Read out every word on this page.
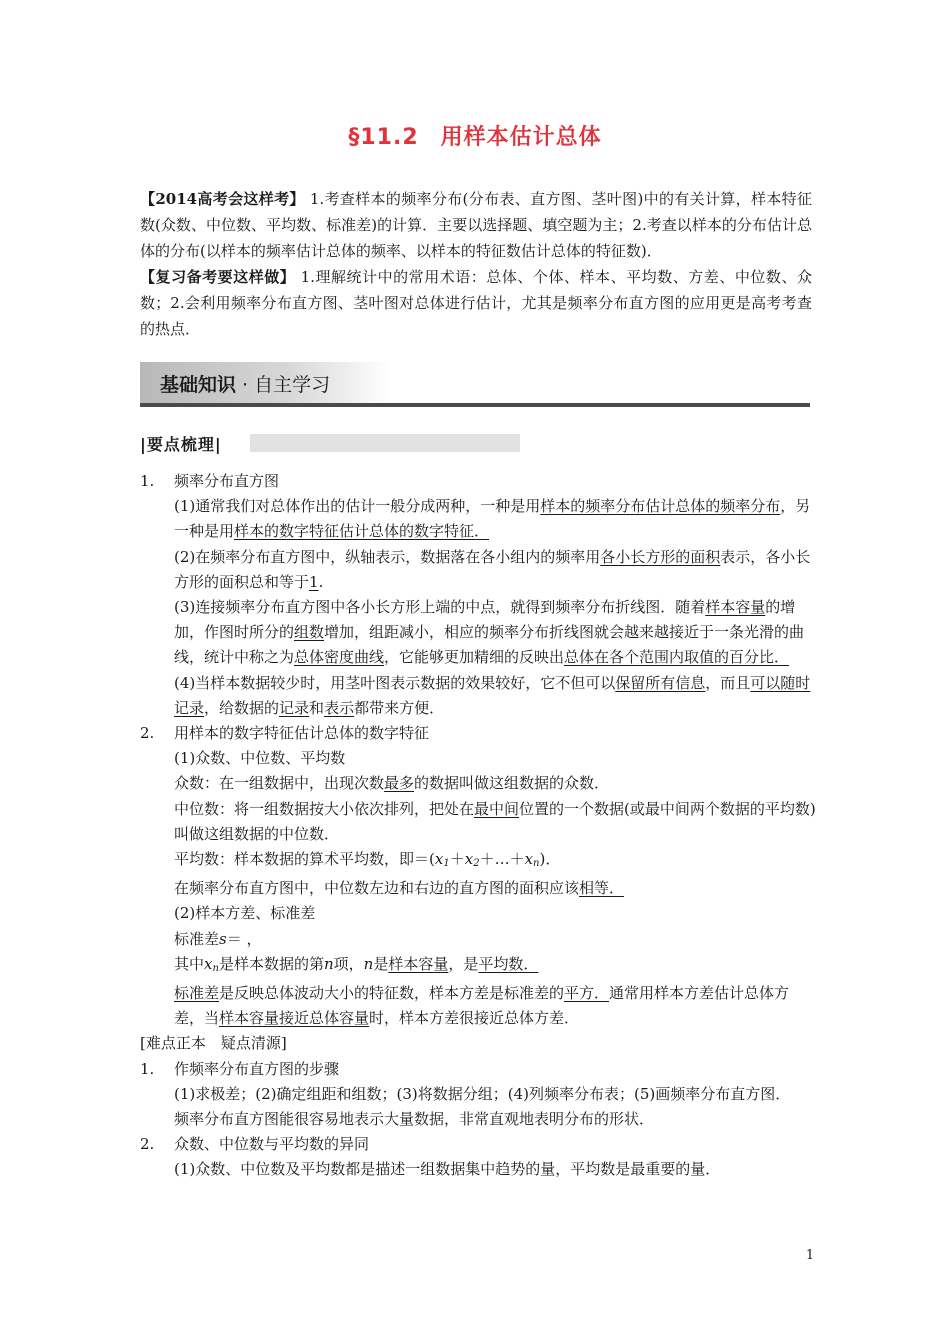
§11.2 用样本估计总体

【2014高考会这样考】 1.考查样本的频率分布(分布表、直方图、茎叶图)中的有关计算，样本特征数(众数、中位数、平均数、标准差)的计算．主要以选择题、填空题为主；2.考查以样本的分布估计总体的分布(以样本的频率估计总体的频率、以样本的特征数估计总体的特征数)．

【复习备考要这样做】 1.理解统计中的常用术语：总体、个体、样本、平均数、方差、中位数、众数；2.会利用频率分布直方图、茎叶图对总体进行估计，尤其是频率分布直方图的应用更是高考考查的热点．

基础知识 · 自主学习
|要点梳理|

1. 频率分布直方图

(1)通常我们对总体作出的估计一般分成两种，一种是用样本的频率分布估计总体的频率分布，另一种是用样本的数字特征估计总体的数字特征．

(2)在频率分布直方图中，纵轴表示，数据落在各小组内的频率用各小长方形的面积表示，各小长方形的面积总和等于1.

(3)连接频率分布直方图中各小长方形上端的中点，就得到频率分布折线图．随着样本容量的增加，作图时所分的组数增加，组距减小，相应的频率分布折线图就会越来越接近于一条光滑的曲线，统计中称之为总体密度曲线，它能够更加精细的反映出总体在各个范围内取值的百分比．

(4)当样本数据较少时，用茎叶图表示数据的效果较好，它不但可以保留所有信息，而且可以随时记录，给数据的记录和表示都带来方便．

2. 用样本的数字特征估计总体的数字特征

(1)众数、中位数、平均数

众数：在一组数据中，出现次数最多的数据叫做这组数据的众数．

中位数：将一组数据按大小依次排列，把处在最中间位置的一个数据(或最中间两个数据的平均数)叫做这组数据的中位数．

平均数：样本数据的算术平均数，即$=(x_1+x_2+\dots+x_n)$．

在频率分布直方图中，中位数左边和右边的直方图的面积应该相等．

(2)样本方差、标准差

标准差s＝ ，

其中$x_n$是样本数据的第n项，n是样本容量，是平均数．

标准差是反映总体波动大小的特征数，样本方差是标准差的平方．通常用样本方差估计总体方差，当样本容量接近总体容量时，样本方差很接近总体方差．

[难点正本　疑点清源]

1. 作频率分布直方图的步骤

(1)求极差；(2)确定组距和组数；(3)将数据分组；(4)列频率分布表；(5)画频率分布直方图．

频率分布直方图能很容易地表示大量数据，非常直观地表明分布的形状．

2. 众数、中位数与平均数的异同

(1)众数、中位数及平均数都是描述一组数据集中趋势的量，平均数是最重要的量．

1
